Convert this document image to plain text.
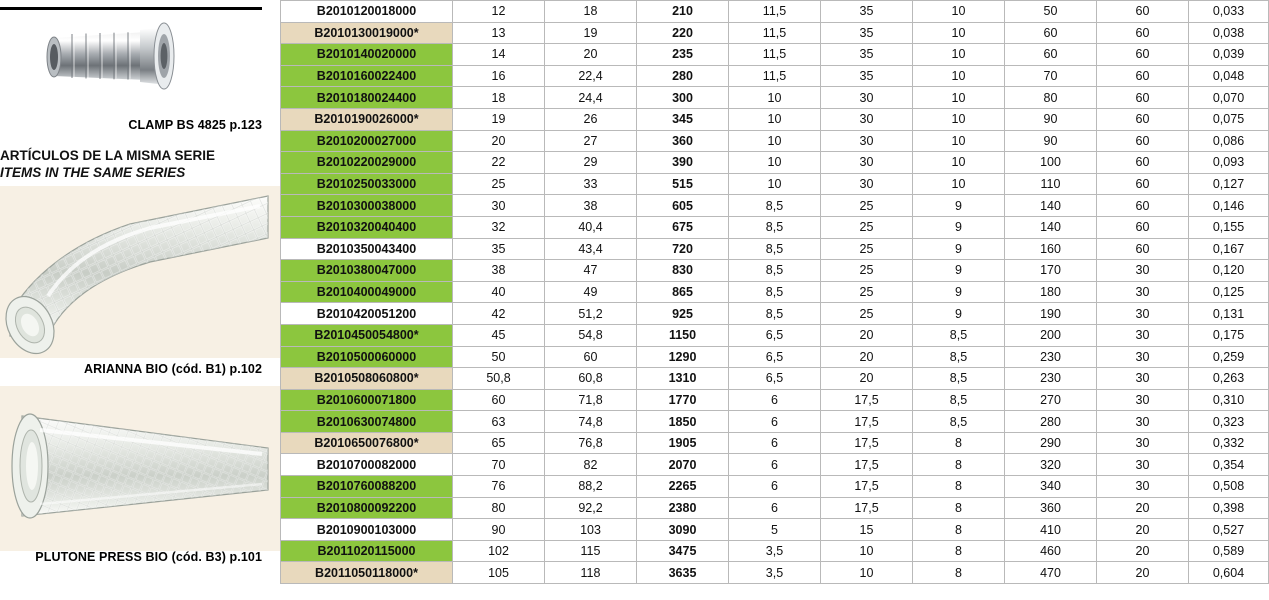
CLAMP BS 4825 p.123
ARTÍCULOS DE LA MISMA SERIE
ITEMS IN THE SAME SERIES
ARIANNA BIO (cód. B1) p.102
PLUTONE PRESS BIO (cód. B3) p.101
B2010120018000	12	18	210	11,5	35	10	50	60	0,033
B2010130019000*	13	19	220	11,5	35	10	60	60	0,038
B2010140020000	14	20	235	11,5	35	10	60	60	0,039
B2010160022400	16	22,4	280	11,5	35	10	70	60	0,048
B2010180024400	18	24,4	300	10	30	10	80	60	0,070
B2010190026000*	19	26	345	10	30	10	90	60	0,075
B2010200027000	20	27	360	10	30	10	90	60	0,086
B2010220029000	22	29	390	10	30	10	100	60	0,093
B2010250033000	25	33	515	10	30	10	110	60	0,127
B2010300038000	30	38	605	8,5	25	9	140	60	0,146
B2010320040400	32	40,4	675	8,5	25	9	140	60	0,155
B2010350043400	35	43,4	720	8,5	25	9	160	60	0,167
B2010380047000	38	47	830	8,5	25	9	170	30	0,120
B2010400049000	40	49	865	8,5	25	9	180	30	0,125
B2010420051200	42	51,2	925	8,5	25	9	190	30	0,131
B2010450054800*	45	54,8	1150	6,5	20	8,5	200	30	0,175
B2010500060000	50	60	1290	6,5	20	8,5	230	30	0,259
B2010508060800*	50,8	60,8	1310	6,5	20	8,5	230	30	0,263
B2010600071800	60	71,8	1770	6	17,5	8,5	270	30	0,310
B2010630074800	63	74,8	1850	6	17,5	8,5	280	30	0,323
B2010650076800*	65	76,8	1905	6	17,5	8	290	30	0,332
B2010700082000	70	82	2070	6	17,5	8	320	30	0,354
B2010760088200	76	88,2	2265	6	17,5	8	340	30	0,508
B2010800092200	80	92,2	2380	6	17,5	8	360	20	0,398
B2010900103000	90	103	3090	5	15	8	410	20	0,527
B2011020115000	102	115	3475	3,5	10	8	460	20	0,589
B2011050118000*	105	118	3635	3,5	10	8	470	20	0,604
